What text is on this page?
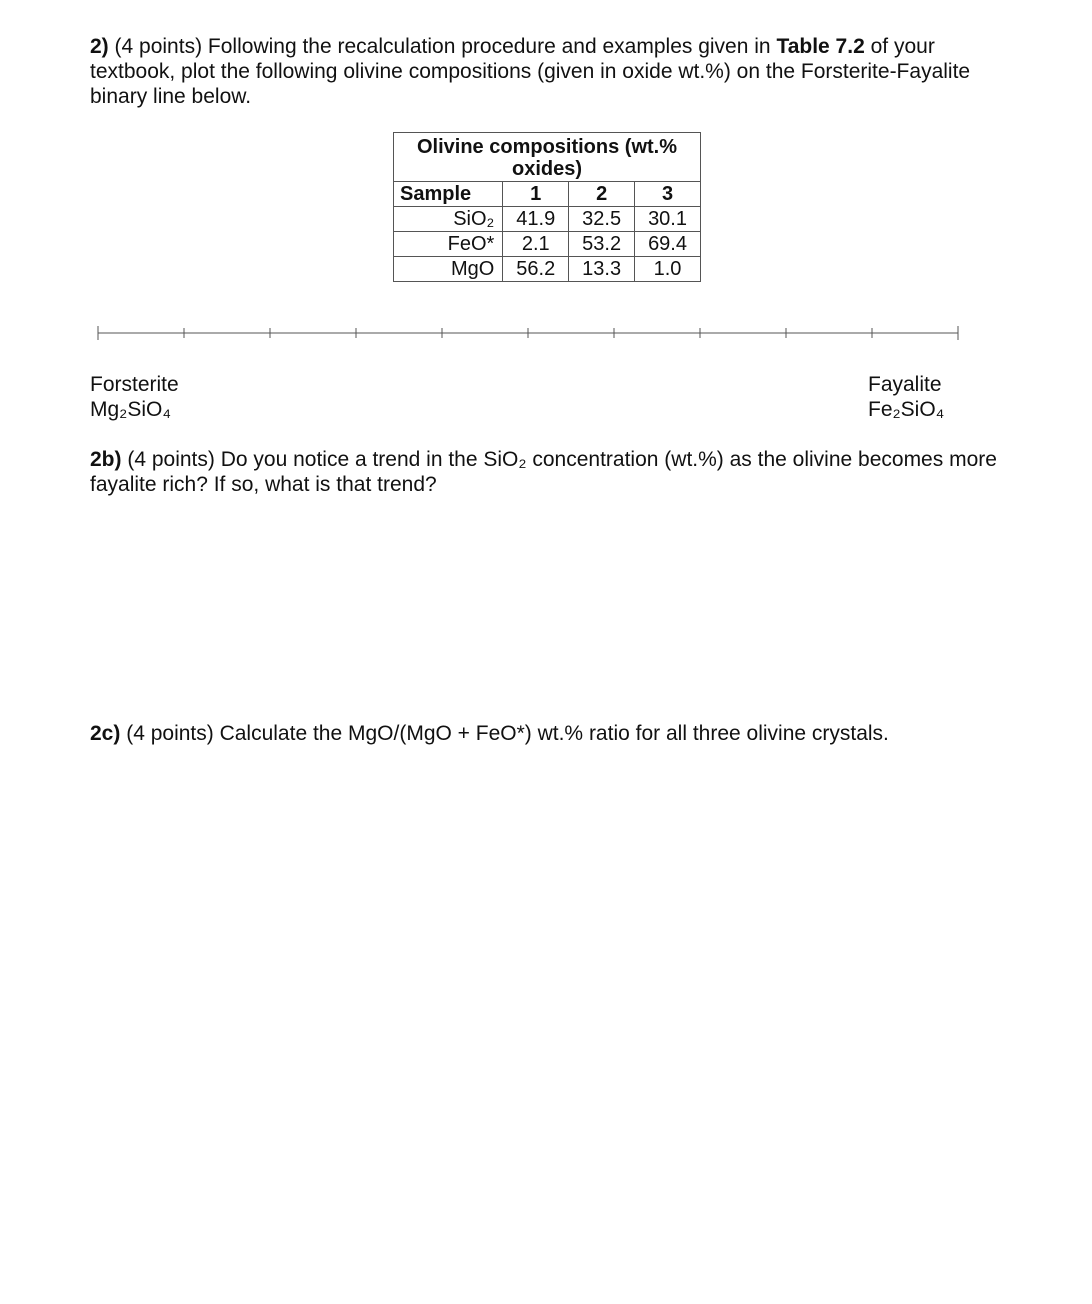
2) (4 points) Following the recalculation procedure and examples given in Table 7.2 of your textbook, plot the following olivine compositions (given in oxide wt.%) on the Forsterite-Fayalite binary line below.

Olivine compositions (wt.% oxides)			
Sample	1	2	3
SiO₂	41.9	32.5	30.1
FeO*	2.1	53.2	69.4
MgO	56.2	13.3	1.0
Forsterite
Mg₂SiO₄
Fayalite
Fe₂SiO₄

2b) (4 points) Do you notice a trend in the SiO₂ concentration (wt.%) as the olivine becomes more fayalite rich? If so, what is that trend?

2c) (4 points) Calculate the MgO/(MgO + FeO*) wt.% ratio for all three olivine crystals.
